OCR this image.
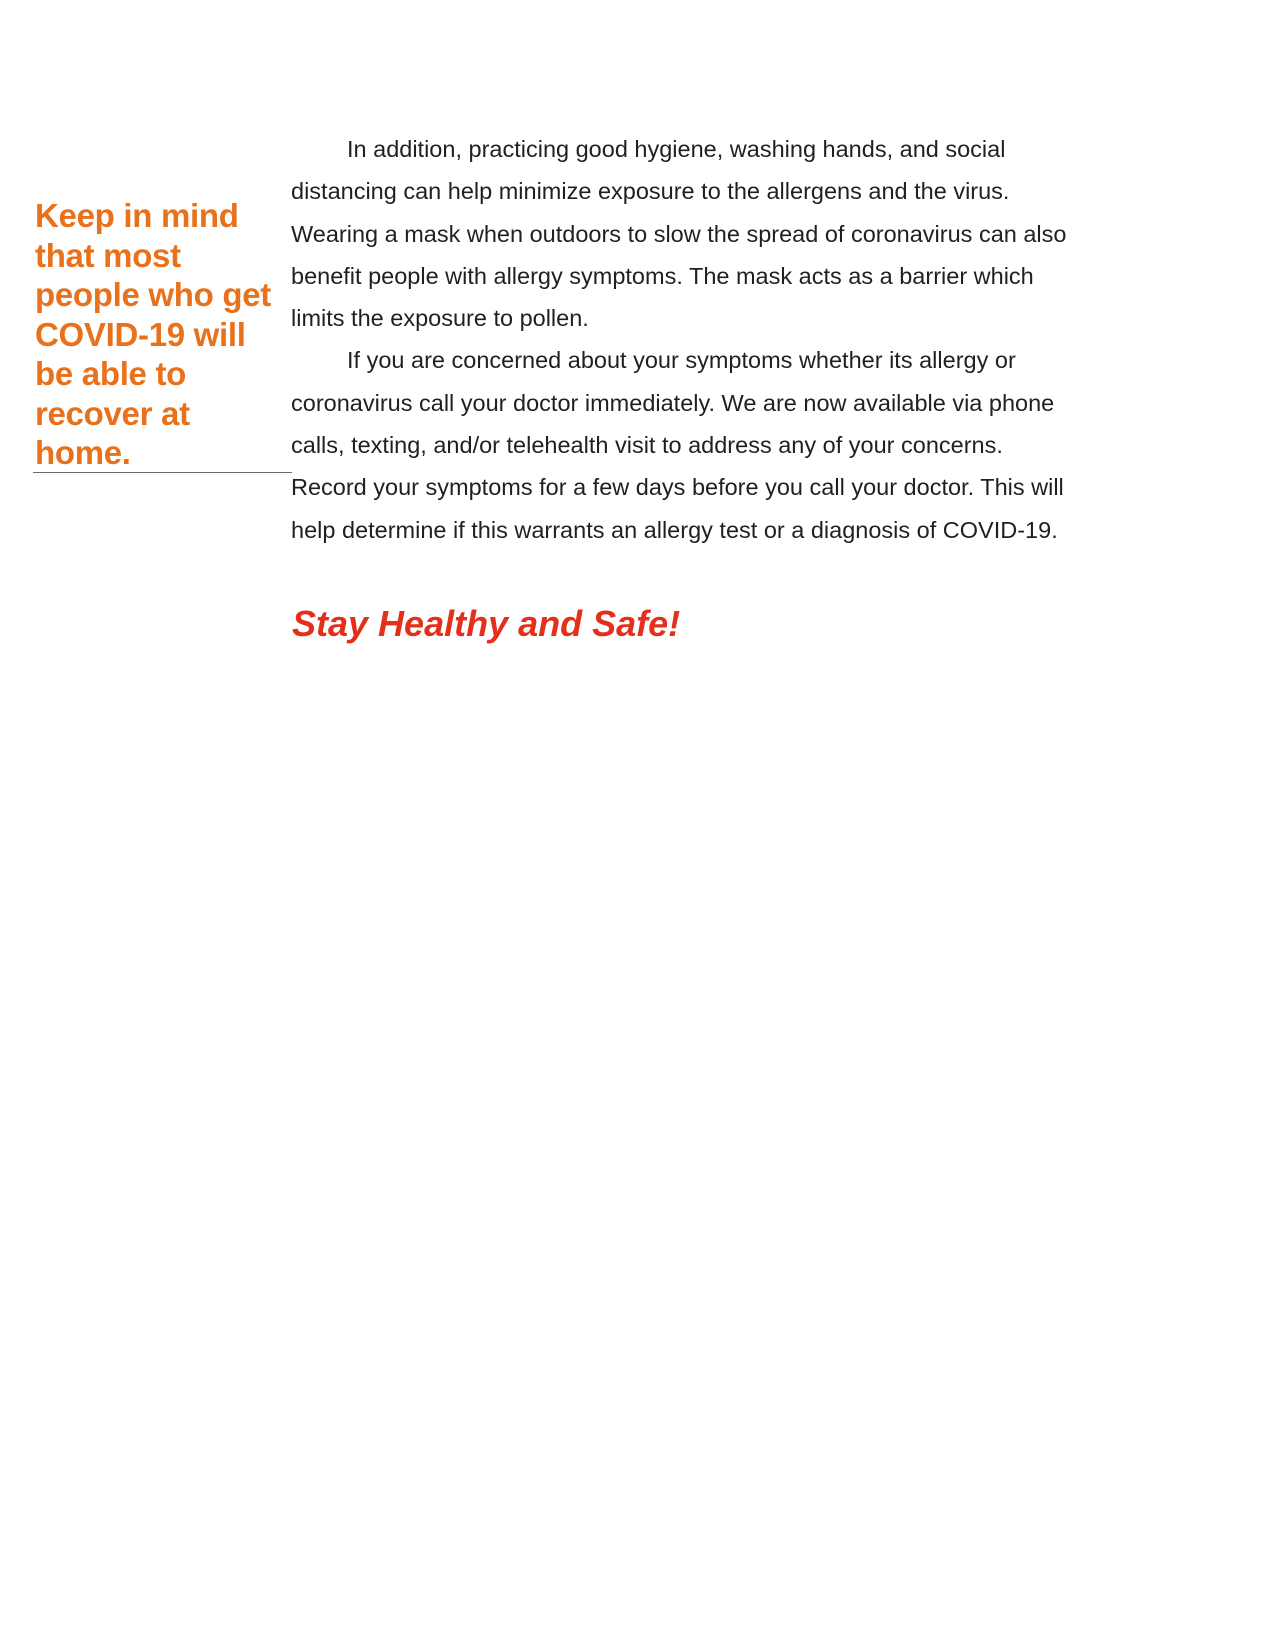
Keep in mind
that most
people who get
COVID-19 will
be able to
recover at
home.

In addition, practicing good hygiene, washing hands, and social
distancing can help minimize exposure to the allergens and the virus.
Wearing a mask when outdoors to slow the spread of coronavirus can also
benefit people with allergy symptoms. The mask acts as a barrier which
limits the exposure to pollen.

If you are concerned about your symptoms whether its allergy or
coronavirus call your doctor immediately. We are now available via phone
calls, texting, and/or telehealth visit to address any of your concerns.
Record your symptoms for a few days before you call your doctor. This will
help determine if this warrants an allergy test or a diagnosis of COVID-19.

Stay Healthy and Safe!
